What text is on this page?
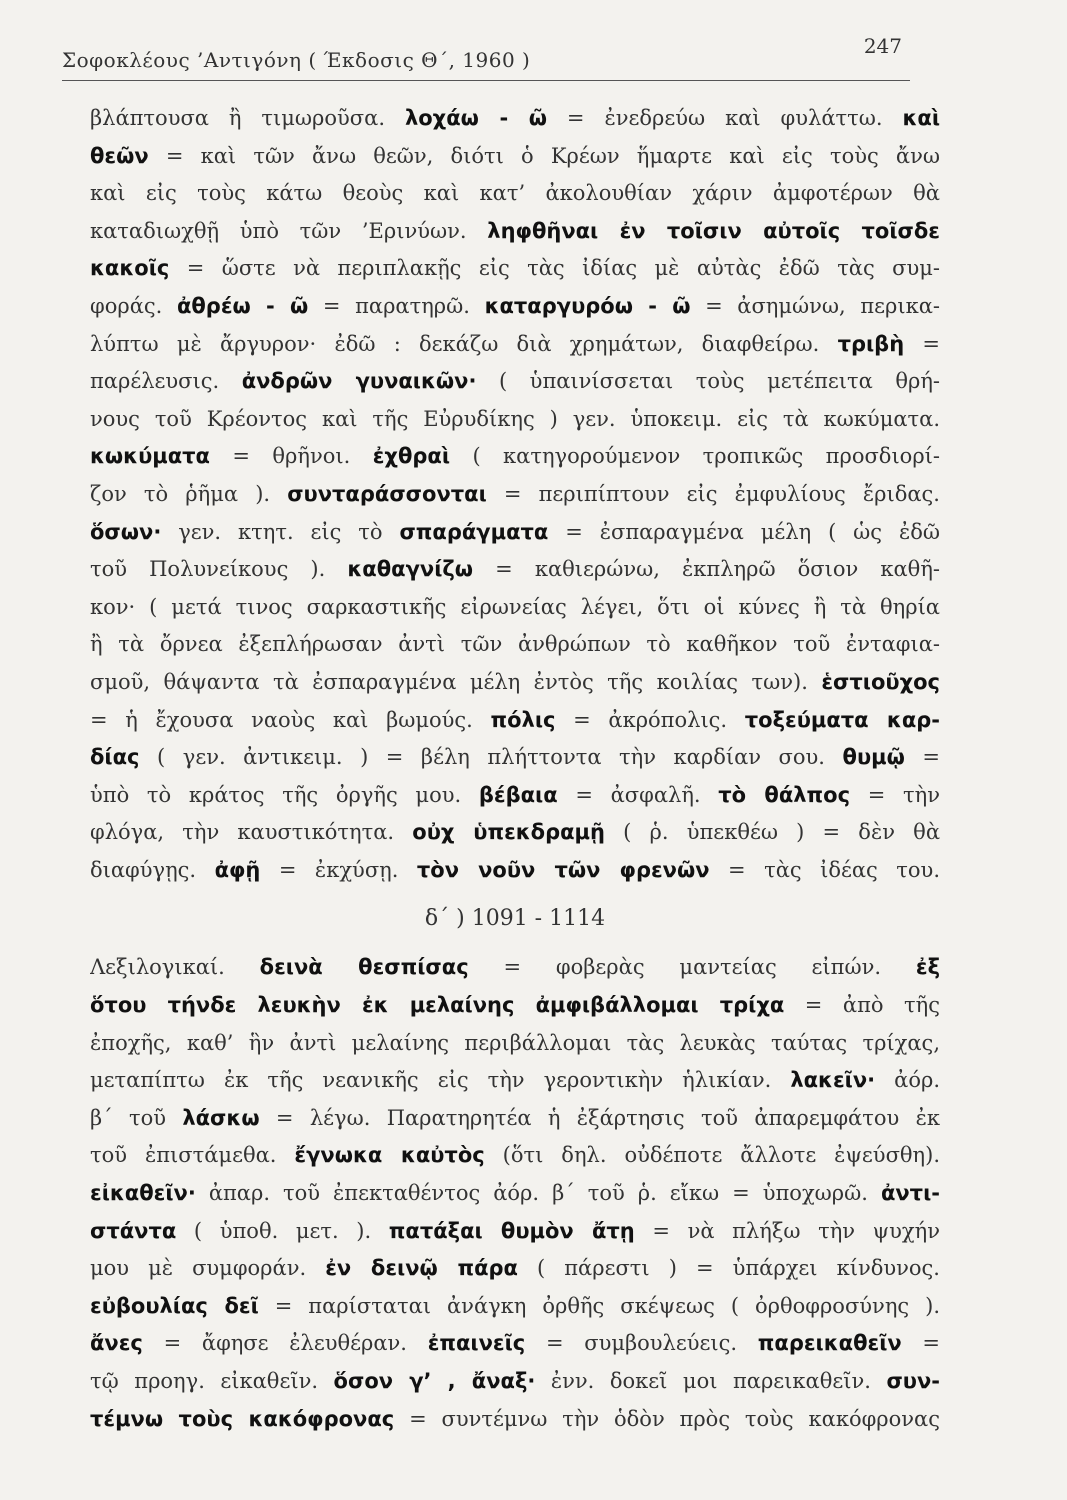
Σοφοκλέους ’Αντιγόνη ( Έκδοσις Θ΄, 1960 )
247
βλάπτουσα ἢ τιμωροῦσα. λοχάω - ῶ = ἐνεδρεύω καὶ φυλάττω. καὶ
θεῶν = καὶ τῶν ἄνω θεῶν, διότι ὁ Κρέων ἥμαρτε καὶ εἰς τοὺς ἄνω
καὶ εἰς τοὺς κάτω θεοὺς καὶ κατ’ ἀκολουθίαν χάριν ἀμφοτέρων θὰ
καταδιωχθῇ ὑπὸ τῶν ’Ερινύων. ληφθῆναι ἐν τοῖσιν αὐτοῖς τοῖσδε
κακοῖς = ὥστε νὰ περιπλακῇς εἰς τὰς ἰδίας μὲ αὐτὰς ἐδῶ τὰς συμ-
φοράς. ἀθρέω - ῶ = παρατηρῶ. καταργυρόω - ῶ = ἀσημώνω, περικα-
λύπτω μὲ ἄργυρον· ἐδῶ : δεκάζω διὰ χρημάτων, διαφθείρω. τριβὴ =
παρέλευσις. ἀνδρῶν γυναικῶν· ( ὑπαινίσσεται τοὺς μετέπειτα θρή-
νους τοῦ Κρέοντος καὶ τῆς Εὐρυδίκης ) γεν. ὑποκειμ. εἰς τὰ κωκύματα.
κωκύματα = θρῆνοι. ἐχθραὶ ( κατηγορούμενον τροπικῶς προσδιορί-
ζον τὸ ῥῆμα ). συνταράσσονται = περιπίπτουν εἰς ἐμφυλίους ἔριδας.
ὅσων· γεν. κτητ. εἰς τὸ σπαράγματα = ἐσπαραγμένα μέλη ( ὡς ἐδῶ
τοῦ Πολυνείκους ). καθαγνίζω = καθιερώνω, ἐκπληρῶ ὅσιον καθῆ-
κον· ( μετά τινος σαρκαστικῆς εἰρωνείας λέγει, ὅτι οἱ κύνες ἢ τὰ θηρία
ἢ τὰ ὄρνεα ἐξεπλήρωσαν ἀντὶ τῶν ἀνθρώπων τὸ καθῆκον τοῦ ἐνταφια-
σμοῦ, θάψαντα τὰ ἐσπαραγμένα μέλη ἐντὸς τῆς κοιλίας των). ἑστιοῦχος
= ἡ ἔχουσα ναοὺς καὶ βωμούς. πόλις = ἀκρόπολις. τοξεύματα καρ-
δίας ( γεν. ἀντικειμ. ) = βέλη πλήττοντα τὴν καρδίαν σου. θυμῷ =
ὑπὸ τὸ κράτος τῆς ὀργῆς μου. βέβαια = ἀσφαλῆ. τὸ θάλπος = τὴν
φλόγα, τὴν καυστικότητα. οὐχ ὑπεκδραμῇ ( ῥ. ὑπεκθέω ) = δὲν θὰ
διαφύγῃς. ἀφῇ = ἐκχύσῃ. τὸν νοῦν τῶν φρενῶν = τὰς ἰδέας του.
δ΄ ) 1091 - 1114
Λεξιλογικαί. δεινὰ θεσπίσας = φοβερὰς μαντείας εἰπών. ἐξ
ὅτου τήνδε λευκὴν ἐκ μελαίνης ἀμφιβάλλομαι τρίχα = ἀπὸ τῆς
ἐποχῆς, καθ’ ἣν ἀντὶ μελαίνης περιβάλλομαι τὰς λευκὰς ταύτας τρίχας,
μεταπίπτω ἐκ τῆς νεανικῆς εἰς τὴν γεροντικὴν ἡλικίαν. λακεῖν· ἀόρ.
β΄ τοῦ λάσκω = λέγω. Παρατηρητέα ἡ ἐξάρτησις τοῦ ἀπαρεμφάτου ἐκ
τοῦ ἐπιστάμεθα. ἔγνωκα καὐτὸς (ὅτι δηλ. οὐδέποτε ἄλλοτε ἐψεύσθη).
εἰκαθεῖν· ἀπαρ. τοῦ ἐπεκταθέντος ἀόρ. β΄ τοῦ ῥ. εἴκω = ὑποχωρῶ. ἀντι-
στάντα ( ὑποθ. μετ. ). πατάξαι θυμὸν ἄτῃ = νὰ πλήξω τὴν ψυχήν
μου μὲ συμφοράν. ἐν δεινῷ πάρα ( πάρεστι ) = ὑπάρχει κίνδυνος.
εὐβουλίας δεῖ = παρίσταται ἀνάγκη ὀρθῆς σκέψεως ( ὀρθοφροσύνης ).
ἄνες = ἄφησε ἐλευθέραν. ἐπαινεῖς = συμβουλεύεις. παρεικαθεῖν =
τῷ προηγ. εἰκαθεῖν. ὅσον γ’ , ἄναξ· ἐνν. δοκεῖ μοι παρεικαθεῖν. συν-
τέμνω τοὺς κακόφρονας = συντέμνω τὴν ὁδὸν πρὸς τοὺς κακόφρονας
